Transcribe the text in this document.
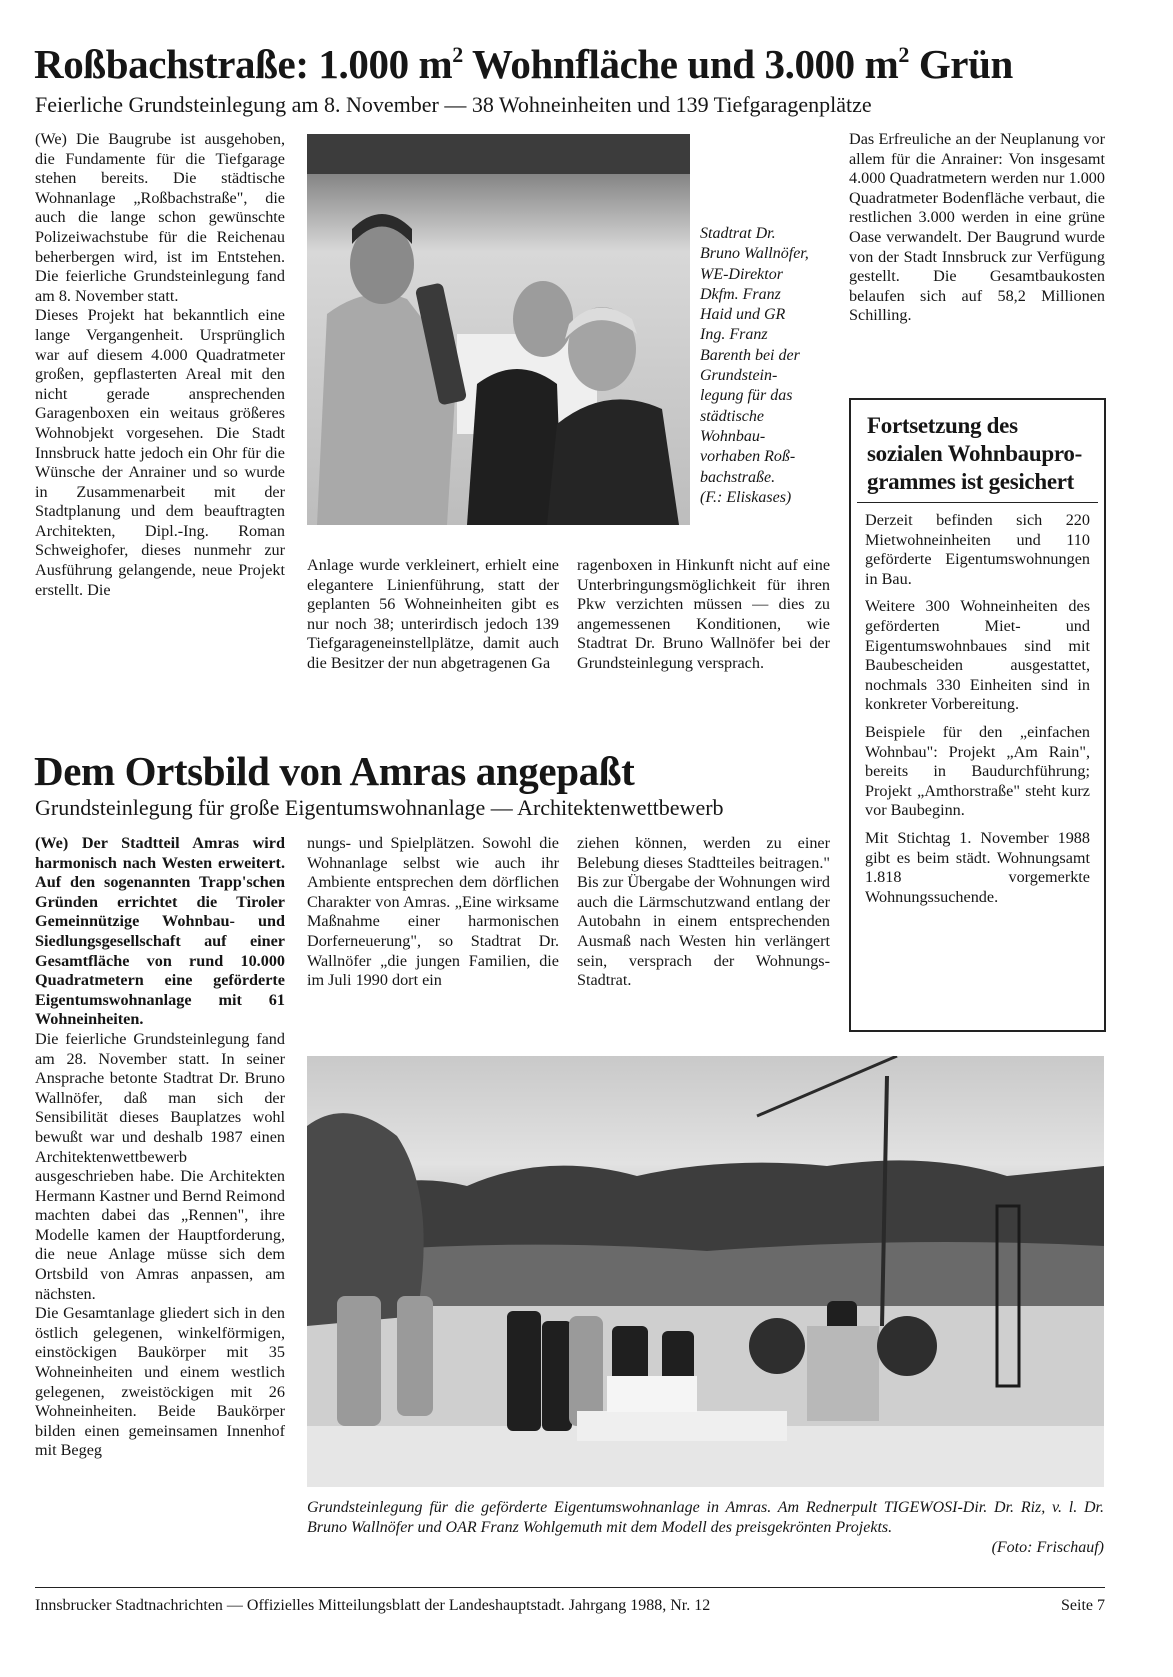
Roßbachstraße: 1.000 $m^2$ Wohnfläche und 3.000 $m^2$ Grün
Feierliche Grundsteinlegung am 8. November — 38 Wohneinheiten und 139 Tiefgaragenplätze

(We) Die Baugrube ist ausgehoben, die Fundamente für die Tiefgarage stehen bereits. Die städtische Wohnanlage „Roßbachstraße", die auch die lange schon gewünschte Polizeiwachstube für die Reichenau beherbergen wird, ist im Entstehen. Die feierliche Grundsteinlegung fand am 8. November statt.

Dieses Projekt hat bekanntlich eine lange Vergangenheit. Ursprünglich war auf diesem 4.000 Quadratmeter großen, gepflasterten Areal mit den nicht gerade ansprechenden Garagenboxen ein weitaus größeres Wohnobjekt vorgesehen. Die Stadt Innsbruck hatte jedoch ein Ohr für die Wünsche der Anrainer und so wurde in Zusammenarbeit mit der Stadtplanung und dem beauftragten Architekten, Dipl.-Ing. Roman Schweighofer, dieses nunmehr zur Ausführung gelangende, neue Projekt erstellt. Die

Stadtrat Dr. Bruno Wallnöfer, WE-Direktor Dkfm. Franz Haid und GR Ing. Franz Barenth bei der Grundsteinlegung für das städtische Wohnbauvorhaben Roßbachstraße.
(F.: Eliskases)
Anlage wurde verkleinert, erhielt eine elegantere Linienführung, statt der geplanten 56 Wohneinheiten gibt es nur noch 38; unterirdisch jedoch 139 Tiefgarageneinstellplätze, damit auch die Besitzer der nun abgetragenen Ga
ragenboxen in Hinkunft nicht auf eine Unterbringungsmöglichkeit für ihren Pkw verzichten müssen — dies zu angemessenen Konditionen, wie Stadtrat Dr. Bruno Wallnöfer bei der Grundsteinlegung versprach.
Das Erfreuliche an der Neuplanung vor allem für die Anrainer: Von insgesamt 4.000 Quadratmetern werden nur 1.000 Quadratmeter Bodenfläche verbaut, die restlichen 3.000 werden in eine grüne Oase verwandelt. Der Baugrund wurde von der Stadt Innsbruck zur Verfügung gestellt. Die Gesamtbaukosten belaufen sich auf 58,2 Millionen Schilling.
Fortsetzung des sozialen Wohnbauprogrammes ist gesichert

Derzeit befinden sich 220 Mietwohneinheiten und 110 geförderte Eigentumswohnungen in Bau.

Weitere 300 Wohneinheiten des geförderten Miet- und Eigentumswohnbaues sind mit Baubescheiden ausgestattet, nochmals 330 Einheiten sind in konkreter Vorbereitung.

Beispiele für den „einfachen Wohnbau": Projekt „Am Rain", bereits in Baudurchführung; Projekt „Amthorstraße" steht kurz vor Baubeginn.

Mit Stichtag 1. November 1988 gibt es beim städt. Wohnungsamt 1.818 vorgemerkte Wohnungssuchende.

Dem Ortsbild von Amras angepaßt
Grundsteinlegung für große Eigentumswohnanlage — Architektenwettbewerb

(We) Der Stadtteil Amras wird harmonisch nach Westen erweitert. Auf den sogenannten Trapp'schen Gründen errichtet die Tiroler Gemeinnützige Wohnbau- und Siedlungsgesellschaft auf einer Gesamtfläche von rund 10.000 Quadratmetern eine geförderte Eigentumswohnanlage mit 61 Wohneinheiten.

Die feierliche Grundsteinlegung fand am 28. November statt. In seiner Ansprache betonte Stadtrat Dr. Bruno Wallnöfer, daß man sich der Sensibilität dieses Bauplatzes wohl bewußt war und deshalb 1987 einen Architektenwettbewerb ausgeschrieben habe. Die Architekten Hermann Kastner und Bernd Reimond machten dabei das „Rennen", ihre Modelle kamen der Hauptforderung, die neue Anlage müsse sich dem Ortsbild von Amras anpassen, am nächsten.

Die Gesamtanlage gliedert sich in den östlich gelegenen, winkelförmigen, einstöckigen Baukörper mit 35 Wohneinheiten und einem westlich gelegenen, zweistöckigen mit 26 Wohneinheiten. Beide Baukörper bilden einen gemeinsamen Innenhof mit Begeg

nungs- und Spielplätzen. Sowohl die Wohnanlage selbst wie auch ihr Ambiente entsprechen dem dörflichen Charakter von Amras. „Eine wirksame Maßnahme einer harmonischen Dorferneuerung", so Stadtrat Dr. Wallnöfer „die jungen Familien, die im Juli 1990 dort ein
ziehen können, werden zu einer Belebung dieses Stadtteiles beitragen." Bis zur Übergabe der Wohnungen wird auch die Lärmschutzwand entlang der Autobahn in einem entsprechenden Ausmaß nach Westen hin verlängert sein, versprach der Wohnungs-Stadtrat.
Grundsteinlegung für die geförderte Eigentumswohnanlage in Amras. Am Rednerpult TIGEWOSI-Dir. Dr. Riz, v. l. Dr. Bruno Wallnöfer und OAR Franz Wohlgemuth mit dem Modell des preisgekrönten Projekts.
(Foto: Frischauf)
Innsbrucker Stadtnachrichten — Offizielles Mitteilungsblatt der Landeshauptstadt. Jahrgang 1988, Nr. 12	Seite 7
